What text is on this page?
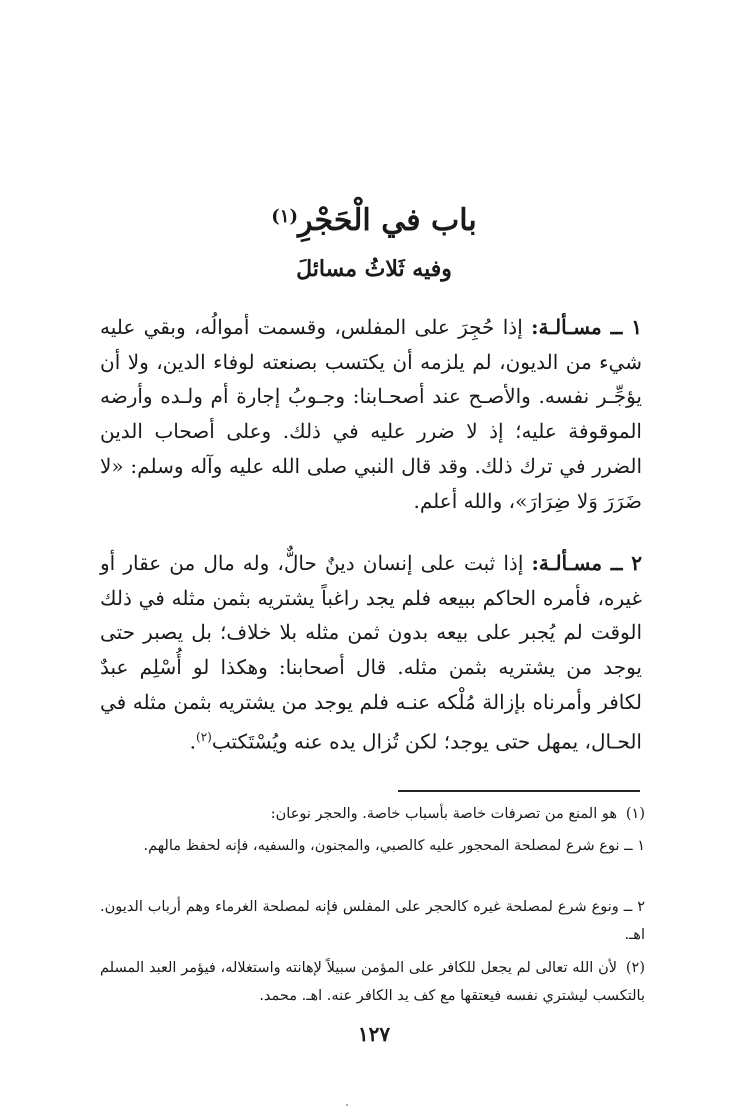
باب في الْحَجْرِ$^{(١)}$
وفيه ثَلاثُ مسائلَ
١ ــ مسـألـة: إذا حُجِرَ على المفلس، وقسمت أموالُه، وبقي عليه شيء من الديون، لم يلزمه أن يكتسب بصنعته لوفاء الدين، ولا أن يؤجِّـر نفسه. والأصـح عند أصحـابنا: وجـوبُ إجارة أم ولـده وأرضه الموقوفة عليه؛ إذ لا ضرر عليه في ذلك. وعلى أصحاب الدين الضرر في ترك ذلك. وقد قال النبي صلى الله عليه وآله وسلم: «لا ضَرَرَ وَلا ضِرَارَ»، والله أعلم.
٢ ــ مسـألـة: إذا ثبت على إنسان دينٌ حالٌّ، وله مال من عقار أو غيره، فأمره الحاكم ببيعه فلم يجد راغباً يشتريه بثمن مثله في ذلك الوقت لم يُجبر على بيعه بدون ثمن مثله بلا خلاف؛ بل يصبر حتى يوجد من يشتريه بثمن مثله. قال أصحابنا: وهكذا لو أُسْلِم عبدٌ لكافر وأمرناه بإزالة مُلْكه عنـه فلم يوجد من يشتريه بثمن مثله في الحـال، يمهل حتى يوجد؛ لكن تُزال يده عنه ويُسْتَكتب$^{(٢)}$.
(١)هو المنع من تصرفات خاصة بأسباب خاصة. والحجر نوعان:
١ ــ نوع شرع لمصلحة المحجور عليه كالصبي، والمجنون، والسفيه، فإنه لحفظ مالهم.
٢ ــ ونوع شرع لمصلحة غيره كالحجر على المفلس فإنه لمصلحة الغرماء وهم أرباب الديون. اهـ.
(٢)لأن الله تعالى لم يجعل للكافر على المؤمن سبيلاً لإهانته واستغلاله، فيؤمر العبد المسلم بالتكسب ليشتري نفسه فيعتقها مع كف يد الكافر عنه. اهـ. محمد.
١٢٧
